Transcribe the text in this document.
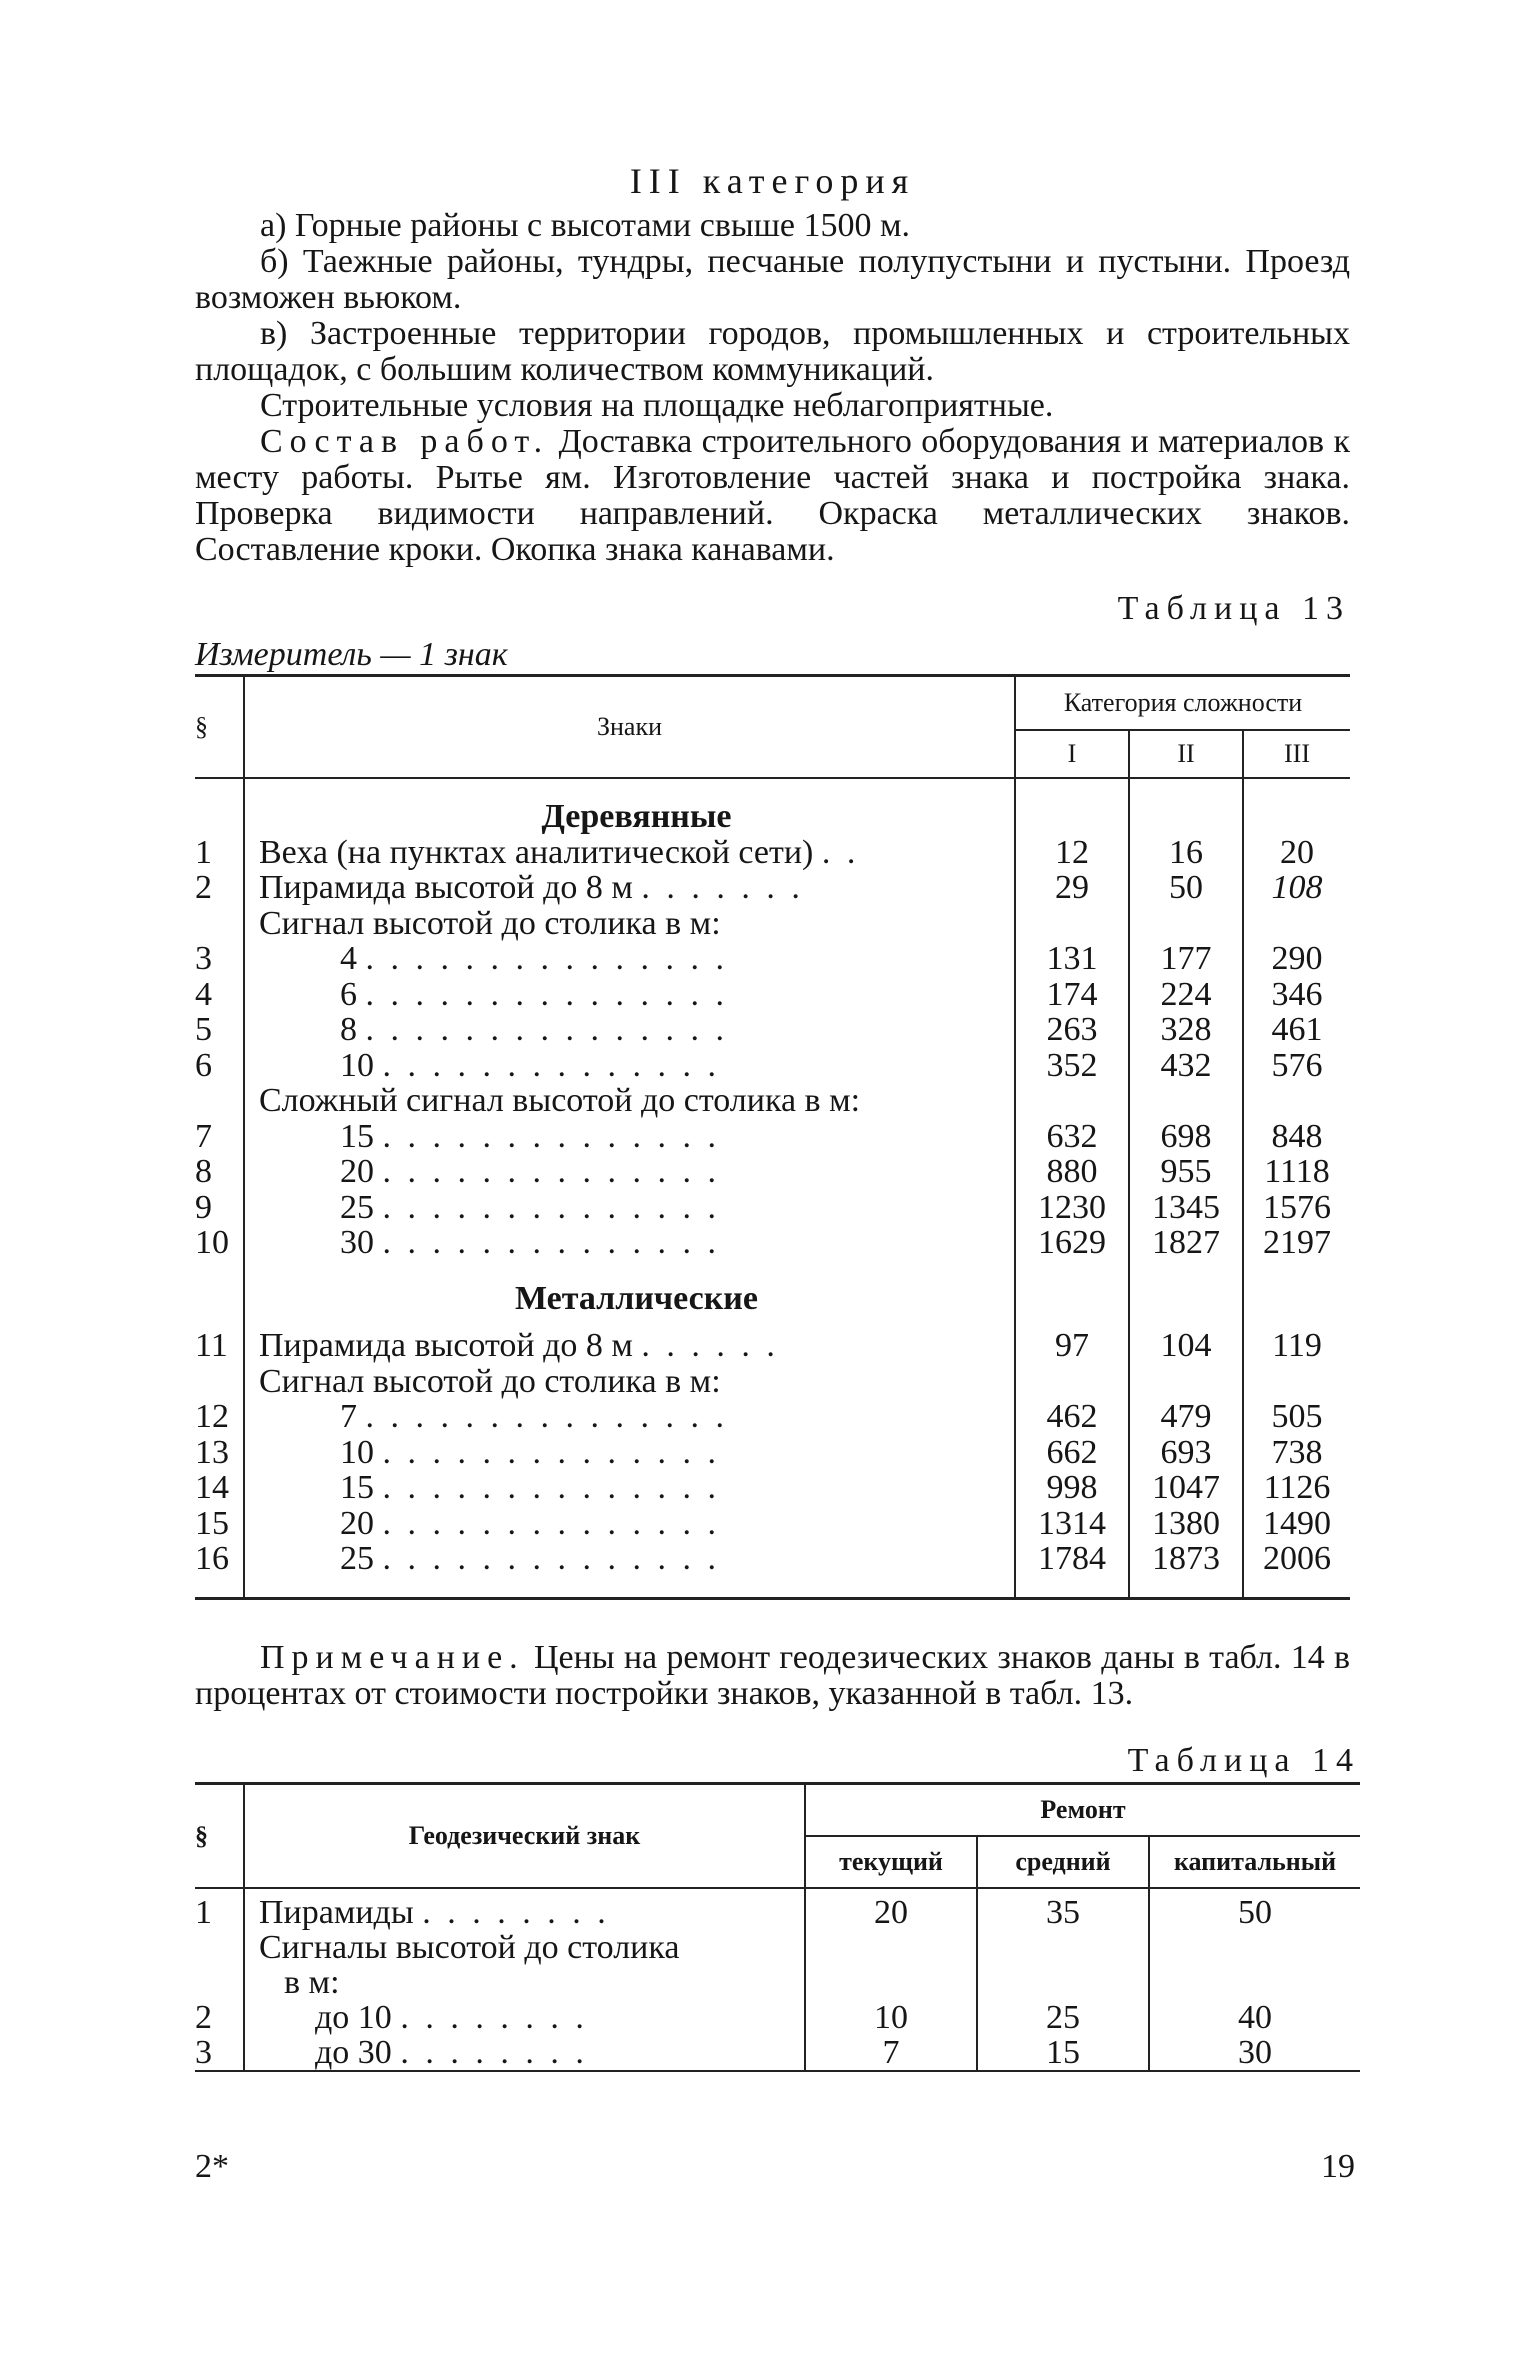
III категория

а) Горные районы с высотами свыше 1500 м.

б) Таежные районы, тундры, песчаные полупустыни и пустыни. Проезд возможен вьюком.

в) Застроенные территории городов, промышленных и строительных площадок, с большим количеством коммуникаций.

Строительные условия на площадке неблагоприятные.

Состав работ. Доставка строительного оборудования и материалов к месту работы. Рытье ям. Изготовление частей знака и постройка знака. Проверка видимости направлений. Окраска металлических знаков. Составление кроки. Окопка знака канавами.

Измеритель — 1 знак
Таблица 13
§	Знаки	Категория сложности		
		I	II	III

	Деревянные			
1	Веха (на пунктах аналитической сети) . .	12	16	20
2	Пирамида высотой до 8 м . . . . . . .	29	50	108
	Сигнал высотой до столика в м:			
3	4 . . . . . . . . . . . . . . .	131	177	290
4	6 . . . . . . . . . . . . . . .	174	224	346
5	8 . . . . . . . . . . . . . . .	263	328	461
6	10 . . . . . . . . . . . . . .	352	432	576
	Сложный сигнал высотой до столика в м:			
7	15 . . . . . . . . . . . . . .	632	698	848
8	20 . . . . . . . . . . . . . .	880	955	1118
9	25 . . . . . . . . . . . . . .	1230	1345	1576
10	30 . . . . . . . . . . . . . .	1629	1827	2197

	Металлические			

11	Пирамида высотой до 8 м . . . . . .	97	104	119
	Сигнал высотой до столика в м:			
12	7 . . . . . . . . . . . . . . .	462	479	505
13	10 . . . . . . . . . . . . . .	662	693	738
14	15 . . . . . . . . . . . . . .	998	1047	1126
15	20 . . . . . . . . . . . . . .	1314	1380	1490
16	25 . . . . . . . . . . . . . .	1784	1873	2006

Примечание. Цены на ремонт геодезических знаков даны в табл. 14 в процентах от стоимости постройки знаков, указанной в табл. 13.

Таблица 14
§	Геодезический знак	Ремонт		
		текущий	средний	капитальный

1	Пирамиды . . . . . . . .	20	35	50
	Сигналы высотой до столика
в м:			
2	до 10 . . . . . . . .	10	25	40
3	до 30 . . . . . . . .	7	15	30
2*	19
